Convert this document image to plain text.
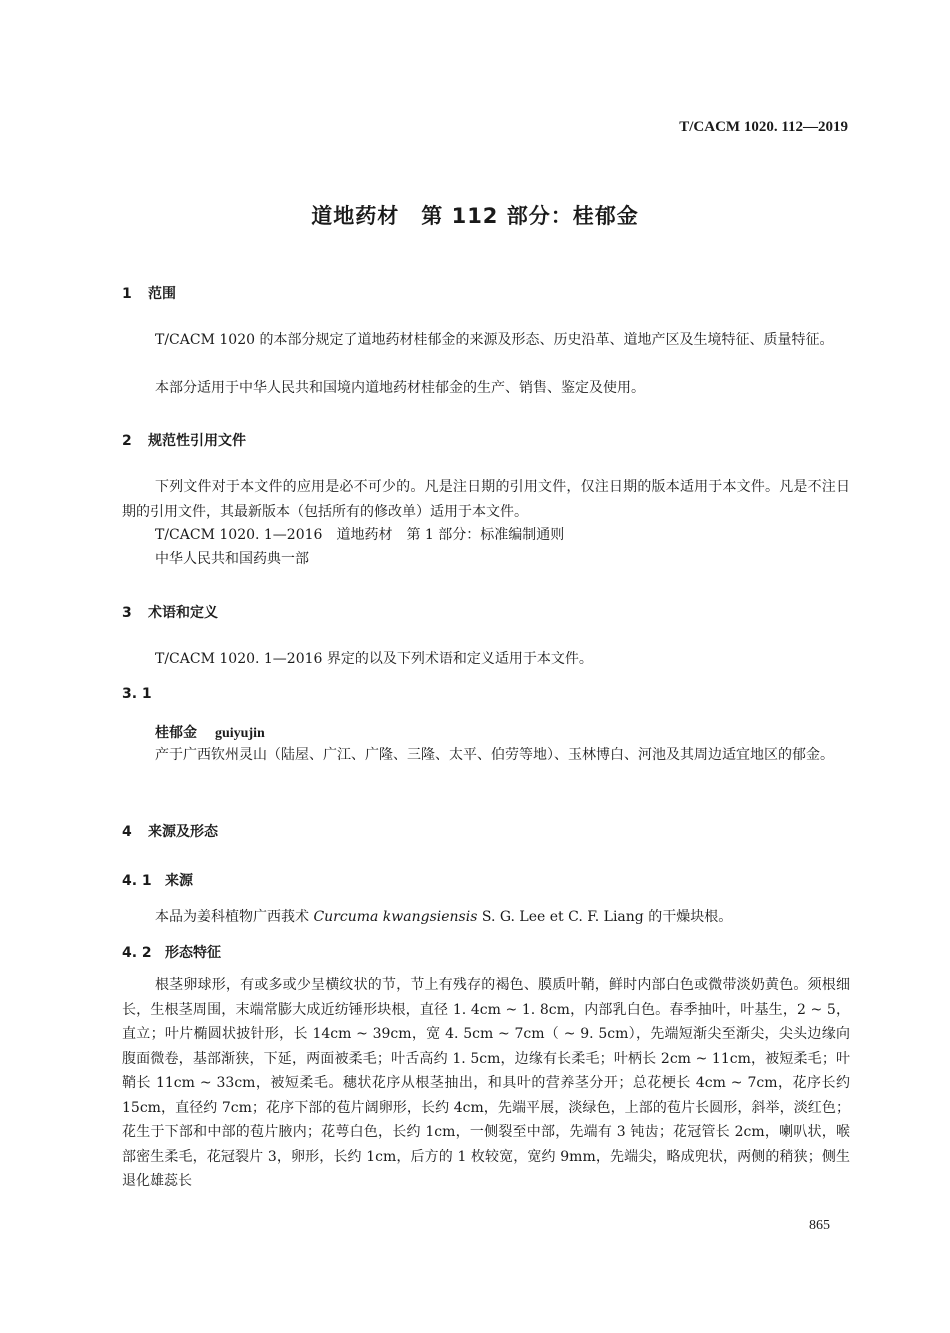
T/CACM 1020. 112—2019
道地药材　第 112 部分：桂郁金
1 范围
T/CACM 1020 的本部分规定了道地药材桂郁金的来源及形态、历史沿革、道地产区及生境特征、质量特征。
本部分适用于中华人民共和国境内道地药材桂郁金的生产、销售、鉴定及使用。
2 规范性引用文件
下列文件对于本文件的应用是必不可少的。凡是注日期的引用文件，仅注日期的版本适用于本文件。凡是不注日期的引用文件，其最新版本（包括所有的修改单）适用于本文件。
T/CACM 1020. 1—2016　道地药材　第 1 部分：标准编制通则
中华人民共和国药典一部
3 术语和定义
T/CACM 1020. 1—2016 界定的以及下列术语和定义适用于本文件。
3. 1
桂郁金 guiyujin
产于广西钦州灵山（陆屋、广江、广隆、三隆、太平、伯劳等地）、玉林博白、河池及其周边适宜地区的郁金。
4 来源及形态
4. 1 来源
本品为姜科植物广西莪术 Curcuma kwangsiensis S. G. Lee et C. F. Liang 的干燥块根。
4. 2 形态特征
根茎卵球形，有或多或少呈横纹状的节，节上有残存的褐色、膜质叶鞘，鲜时内部白色或微带淡奶黄色。须根细长，生根茎周围，末端常膨大成近纺锤形块根，直径 1. 4cm ~ 1. 8cm，内部乳白色。春季抽叶，叶基生，2 ~ 5，直立；叶片椭圆状披针形，长 14cm ~ 39cm，宽 4. 5cm ~ 7cm（ ~ 9. 5cm），先端短渐尖至渐尖，尖头边缘向腹面微卷，基部渐狭，下延，两面被柔毛；叶舌高约 1. 5cm，边缘有长柔毛；叶柄长 2cm ~ 11cm，被短柔毛；叶鞘长 11cm ~ 33cm，被短柔毛。穗状花序从根茎抽出，和具叶的营养茎分开；总花梗长 4cm ~ 7cm，花序长约 15cm，直径约 7cm；花序下部的苞片阔卵形，长约 4cm，先端平展，淡绿色，上部的苞片长圆形，斜举，淡红色；花生于下部和中部的苞片腋内；花萼白色，长约 1cm，一侧裂至中部，先端有 3 钝齿；花冠管长 2cm，喇叭状，喉部密生柔毛，花冠裂片 3，卵形，长约 1cm，后方的 1 枚较宽，宽约 9mm，先端尖，略成兜状，两侧的稍狭；侧生退化雄蕊长
865
